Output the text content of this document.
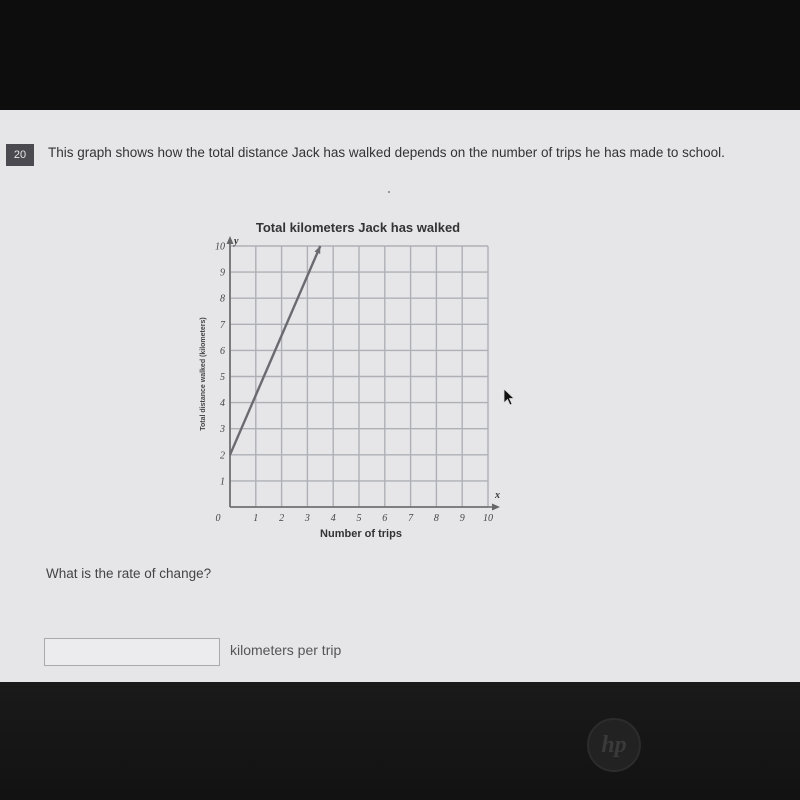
20	This graph shows how the total distance Jack has walked depends on the number of trips he has made to school.
Total kilometers Jack has walked
0	1 2 3 4 5 6 7 8 9 10
1
2
3
4
5
6
7
8
9
10
Number of trips
Total distance walked (kilometers)
x
y
What is the rate of change?
kilometers per trip
hp
